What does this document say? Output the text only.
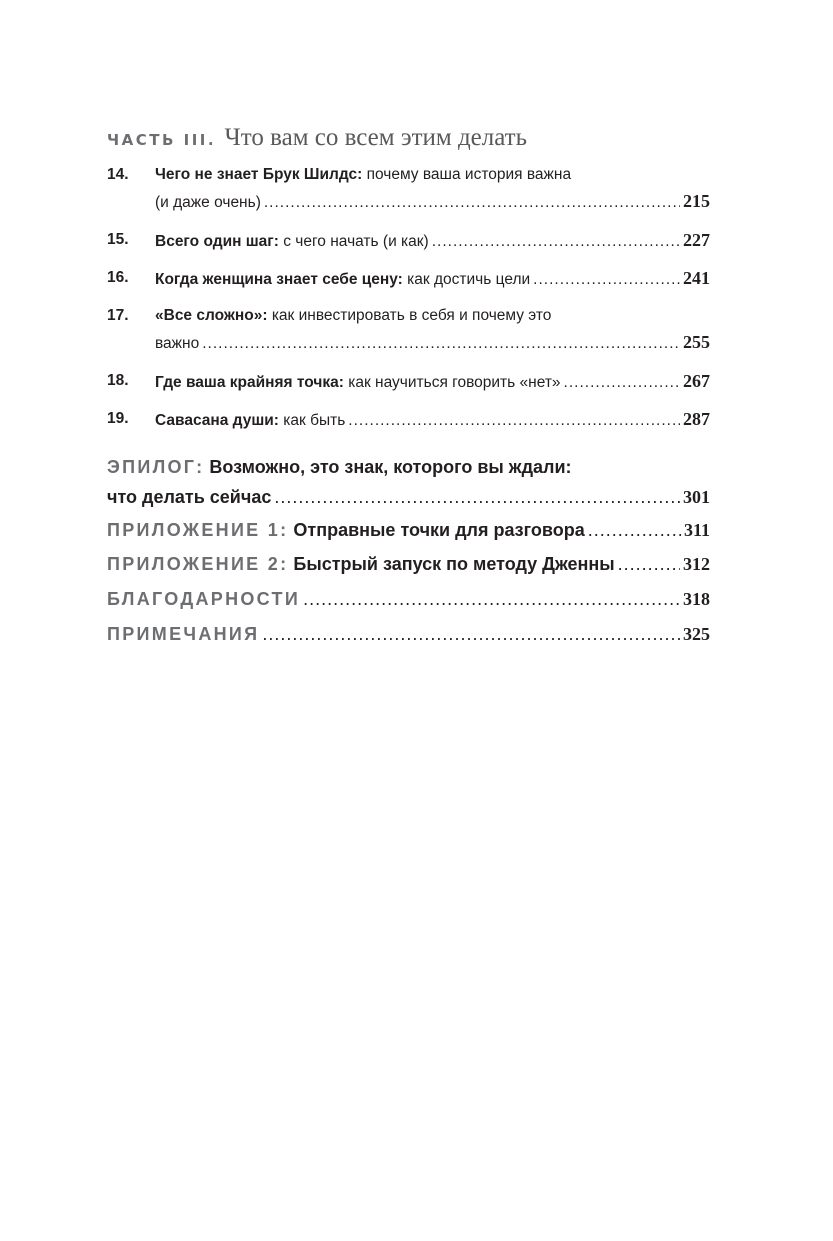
ЧАСТЬ III. Что вам со всем этим делать
14.	Чего не знает Брук Шилдс:
почему ваша история важна
(и даже очень) .....	215
15.	Всего один шаг:
с чего начать (и как) .....	227
16.	Когда женщина знает себе цену:
как достичь цели .....	241
17.	«Все сложно»:
как инвестировать в себя и почему это
важно .....	255
18.	Где ваша крайняя точка:
как научиться говорить «нет» .....	267
19.	Савасана души:
как быть .....	287
ЭПИЛОГ:
Возможно, это знак, которого вы ждали:
что делать сейчас .....	301
ПРИЛОЖЕНИЕ 1:
Отправные точки для разговора .....	311
ПРИЛОЖЕНИЕ 2:
Быстрый запуск по методу Дженны .....	312
БЛАГОДАРНОСТИ .....	318
ПРИМЕЧАНИЯ .....	325
